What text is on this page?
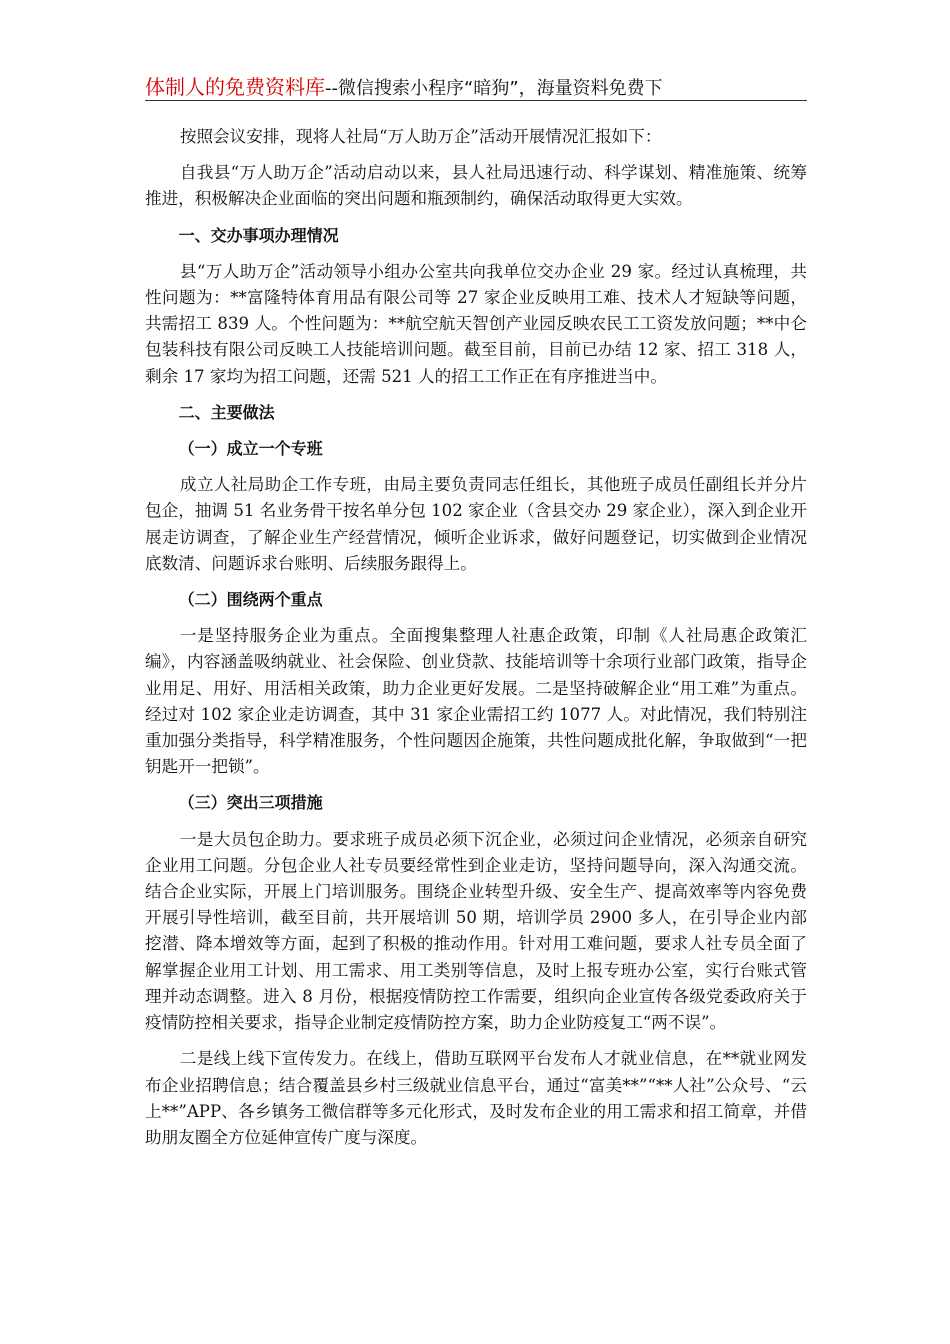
体制人的免费资料库--微信搜索小程序“暗狗”，海量资料免费下

按照会议安排，现将人社局“万人助万企”活动开展情况汇报如下：

自我县“万人助万企”活动启动以来，县人社局迅速行动、科学谋划、精准施策、统筹推进，积极解决企业面临的突出问题和瓶颈制约，确保活动取得更大实效。

一、交办事项办理情况

县“万人助万企”活动领导小组办公室共向我单位交办企业 29 家。经过认真梳理，共性问题为：**富隆特体育用品有限公司等 27 家企业反映用工难、技术人才短缺等问题，共需招工 839 人。个性问题为：**航空航天智创产业园反映农民工工资发放问题；**中仑包装科技有限公司反映工人技能培训问题。截至目前，目前已办结 12 家、招工 318 人，剩余 17 家均为招工问题，还需 521 人的招工工作正在有序推进当中。

二、主要做法
（一）成立一个专班

成立人社局助企工作专班，由局主要负责同志任组长，其他班子成员任副组长并分片包企，抽调 51 名业务骨干按名单分包 102 家企业（含县交办 29 家企业），深入到企业开展走访调查，了解企业生产经营情况，倾听企业诉求，做好问题登记，切实做到企业情况底数清、问题诉求台账明、后续服务跟得上。

（二）围绕两个重点

一是坚持服务企业为重点。全面搜集整理人社惠企政策，印制《人社局惠企政策汇编》，内容涵盖吸纳就业、社会保险、创业贷款、技能培训等十余项行业部门政策，指导企业用足、用好、用活相关政策，助力企业更好发展。二是坚持破解企业“用工难”为重点。经过对 102 家企业走访调查，其中 31 家企业需招工约 1077 人。对此情况，我们特别注重加强分类指导，科学精准服务，个性问题因企施策，共性问题成批化解，争取做到“一把钥匙开一把锁”。

（三）突出三项措施

一是大员包企助力。要求班子成员必须下沉企业，必须过问企业情况，必须亲自研究企业用工问题。分包企业人社专员要经常性到企业走访，坚持问题导向，深入沟通交流。结合企业实际，开展上门培训服务。围绕企业转型升级、安全生产、提高效率等内容免费开展引导性培训，截至目前，共开展培训 50 期，培训学员 2900 多人，在引导企业内部挖潜、降本增效等方面，起到了积极的推动作用。针对用工难问题，要求人社专员全面了解掌握企业用工计划、用工需求、用工类别等信息，及时上报专班办公室，实行台账式管理并动态调整。进入 8 月份，根据疫情防控工作需要，组织向企业宣传各级党委政府关于疫情防控相关要求，指导企业制定疫情防控方案，助力企业防疫复工“两不误”。

二是线上线下宣传发力。在线上，借助互联网平台发布人才就业信息，在**就业网发布企业招聘信息；结合覆盖县乡村三级就业信息平台，通过“富美**”“**人社”公众号、“云上**”APP、各乡镇务工微信群等多元化形式，及时发布企业的用工需求和招工简章，并借助朋友圈全方位延伸宣传广度与深度。
